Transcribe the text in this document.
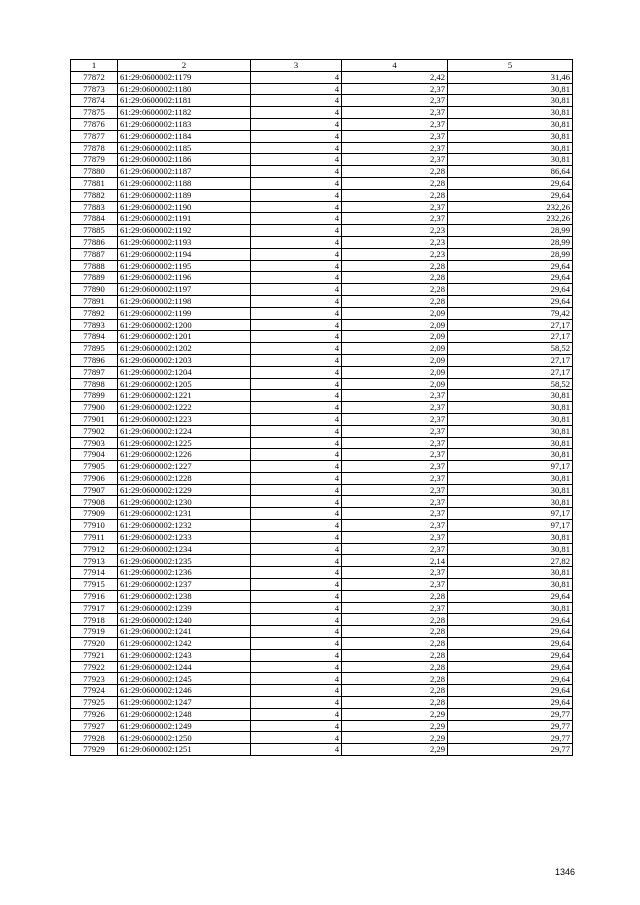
1	2	3	4	5
77872	61:29:0600002:1179	4	2,42	31,46
77873	61:29:0600002:1180	4	2,37	30,81
77874	61:29:0600002:1181	4	2,37	30,81
77875	61:29:0600002:1182	4	2,37	30,81
77876	61:29:0600002:1183	4	2,37	30,81
77877	61:29:0600002:1184	4	2,37	30,81
77878	61:29:0600002:1185	4	2,37	30,81
77879	61:29:0600002:1186	4	2,37	30,81
77880	61:29:0600002:1187	4	2,28	86,64
77881	61:29:0600002:1188	4	2,28	29,64
77882	61:29:0600002:1189	4	2,28	29,64
77883	61:29:0600002:1190	4	2,37	232,26
77884	61:29:0600002:1191	4	2,37	232,26
77885	61:29:0600002:1192	4	2,23	28,99
77886	61:29:0600002:1193	4	2,23	28,99
77887	61:29:0600002:1194	4	2,23	28,99
77888	61:29:0600002:1195	4	2,28	29,64
77889	61:29:0600002:1196	4	2,28	29,64
77890	61:29:0600002:1197	4	2,28	29,64
77891	61:29:0600002:1198	4	2,28	29,64
77892	61:29:0600002:1199	4	2,09	79,42
77893	61:29:0600002:1200	4	2,09	27,17
77894	61:29:0600002:1201	4	2,09	27,17
77895	61:29:0600002:1202	4	2,09	58,52
77896	61:29:0600002:1203	4	2,09	27,17
77897	61:29:0600002:1204	4	2,09	27,17
77898	61:29:0600002:1205	4	2,09	58,52
77899	61:29:0600002:1221	4	2,37	30,81
77900	61:29:0600002:1222	4	2,37	30,81
77901	61:29:0600002:1223	4	2,37	30,81
77902	61:29:0600002:1224	4	2,37	30,81
77903	61:29:0600002:1225	4	2,37	30,81
77904	61:29:0600002:1226	4	2,37	30,81
77905	61:29:0600002:1227	4	2,37	97,17
77906	61:29:0600002:1228	4	2,37	30,81
77907	61:29:0600002:1229	4	2,37	30,81
77908	61:29:0600002:1230	4	2,37	30,81
77909	61:29:0600002:1231	4	2,37	97,17
77910	61:29:0600002:1232	4	2,37	97,17
77911	61:29:0600002:1233	4	2,37	30,81
77912	61:29:0600002:1234	4	2,37	30,81
77913	61:29:0600002:1235	4	2,14	27,82
77914	61:29:0600002:1236	4	2,37	30,81
77915	61:29:0600002:1237	4	2,37	30,81
77916	61:29:0600002:1238	4	2,28	29,64
77917	61:29:0600002:1239	4	2,37	30,81
77918	61:29:0600002:1240	4	2,28	29,64
77919	61:29:0600002:1241	4	2,28	29,64
77920	61:29:0600002:1242	4	2,28	29,64
77921	61:29:0600002:1243	4	2,28	29,64
77922	61:29:0600002:1244	4	2,28	29,64
77923	61:29:0600002:1245	4	2,28	29,64
77924	61:29:0600002:1246	4	2,28	29,64
77925	61:29:0600002:1247	4	2,28	29,64
77926	61:29:0600002:1248	4	2,29	29,77
77927	61:29:0600002:1249	4	2,29	29,77
77928	61:29:0600002:1250	4	2,29	29,77
77929	61:29:0600002:1251	4	2,29	29,77
1346
